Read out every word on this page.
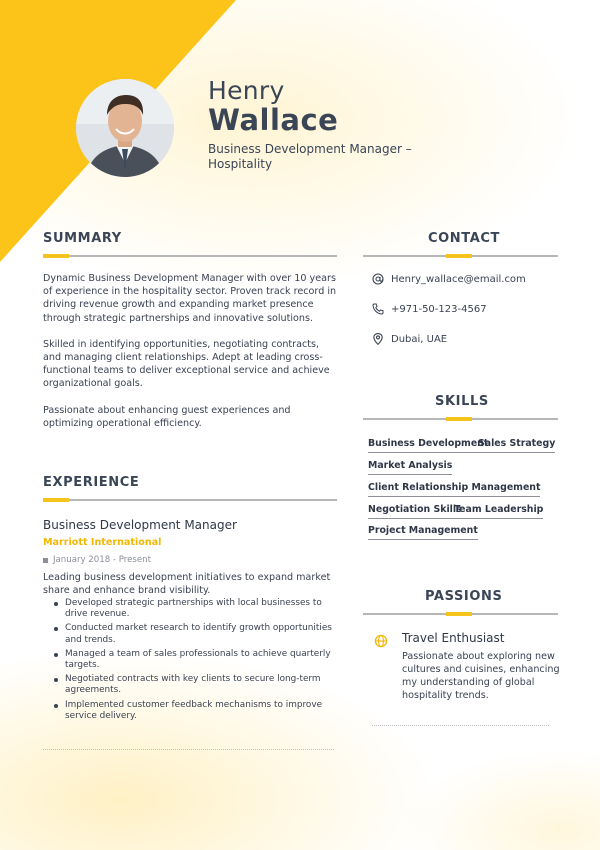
Henry
Wallace
Business Development Manager – Hospitality
SUMMARY

Dynamic Business Development Manager with over 10 years of experience in the hospitality sector. Proven track record in driving revenue growth and expanding market presence through strategic partnerships and innovative solutions.

Skilled in identifying opportunities, negotiating contracts, and managing client relationships. Adept at leading cross-functional teams to deliver exceptional service and achieve organizational goals.

Passionate about enhancing guest experiences and optimizing operational efficiency.

EXPERIENCE
Business Development Manager
Marriott International
January 2018 - Present

Leading business development initiatives to expand market share and enhance brand visibility.

Developed strategic partnerships with local businesses to drive revenue.
Conducted market research to identify growth opportunities and trends.
Managed a team of sales professionals to achieve quarterly targets.
Negotiated contracts with key clients to secure long-term agreements.
Implemented customer feedback mechanisms to improve service delivery.
CONTACT
Henry_wallace@email.com
+971-50-123-4567
Dubai, UAE
SKILLS
Business Development
Sales Strategy
Market Analysis
Client Relationship Management
Negotiation Skills
Team Leadership
Project Management
PASSIONS
Travel Enthusiast

Passionate about exploring new cultures and cuisines, enhancing my understanding of global hospitality trends.
